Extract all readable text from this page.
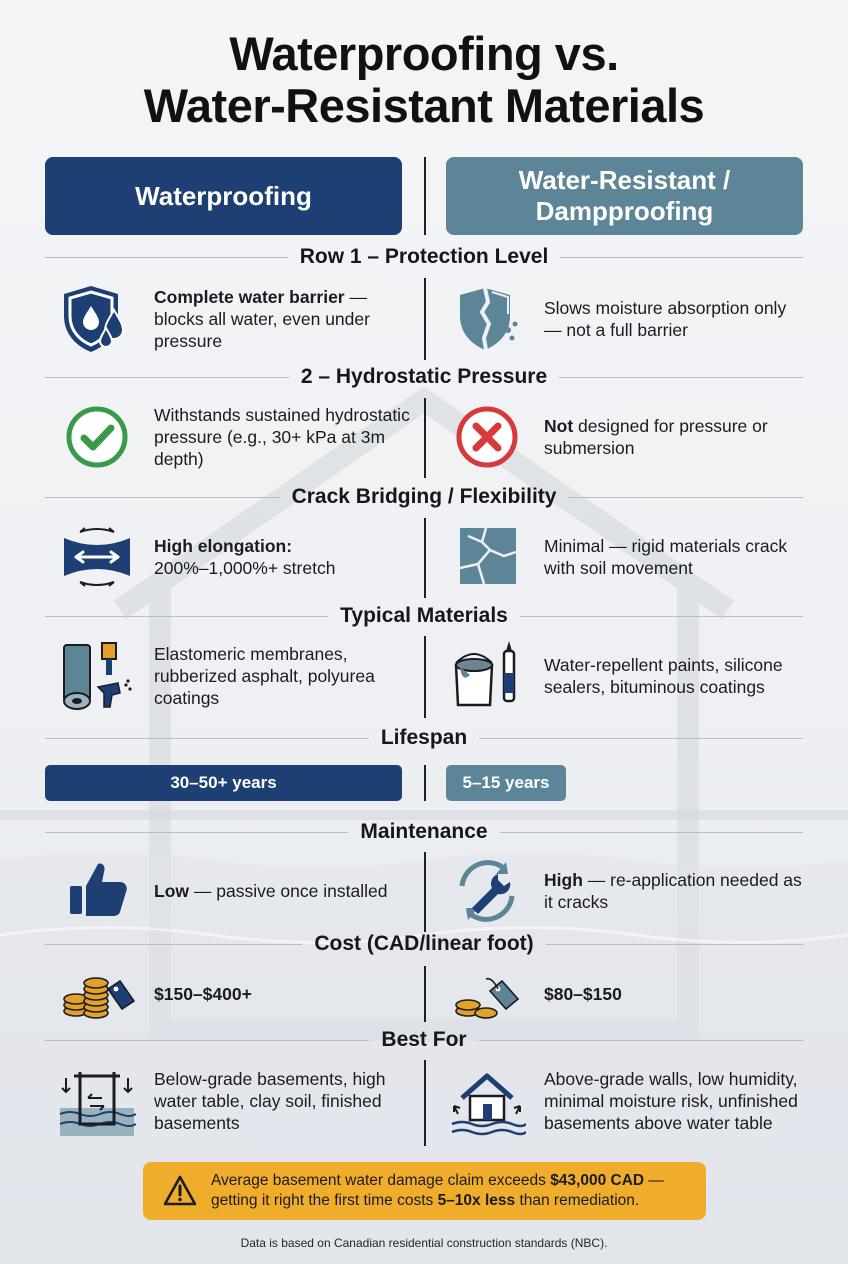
Waterproofing vs.
Water-Resistant Materials
Waterproofing
Water-Resistant /
Dampproofing
Row 1 – Protection Level
Complete water barrier — blocks all water, even under pressure
Slows moisture absorption only — not a full barrier
2 – Hydrostatic Pressure
Withstands sustained hydrostatic pressure (e.g., 30+ kPa at 3m depth)
Not designed for pressure or submersion
Crack Bridging / Flexibility
High elongation:
200%–1,000%+ stretch
Minimal — rigid materials crack with soil movement
Typical Materials
Elastomeric membranes, rubberized asphalt, polyurea coatings
Water-repellent paints, silicone sealers, bituminous coatings
Lifespan
30–50+ years	5–15 years
Maintenance
Low — passive once installed
High — re-application needed as it cracks
Cost (CAD/linear foot)
$150–$400+	$80–$150
Best For
Below-grade basements, high water table, clay soil, finished basements
Above-grade walls, low humidity, minimal moisture risk, unfinished basements above water table
Average basement water damage claim exceeds $43,000 CAD — getting it right the first time costs 5–10x less than remediation.
Data is based on Canadian residential construction standards (NBC).
